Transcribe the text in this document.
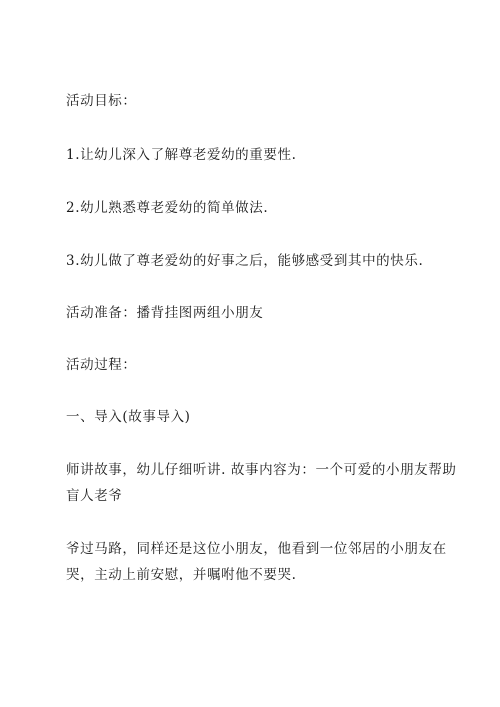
活动目标：
1.让幼儿深入了解尊老爱幼的重要性.
2.幼儿熟悉尊老爱幼的简单做法.
3.幼儿做了尊老爱幼的好事之后，能够感受到其中的快乐.
活动准备：播背挂图两组小朋友
活动过程：
一、导入(故事导入)
师讲故事，幼儿仔细听讲. 故事内容为：一个可爱的小朋友帮助
盲人老爷
爷过马路，同样还是这位小朋友，他看到一位邻居的小朋友在
哭，主动上前安慰，并嘱咐他不要哭.
